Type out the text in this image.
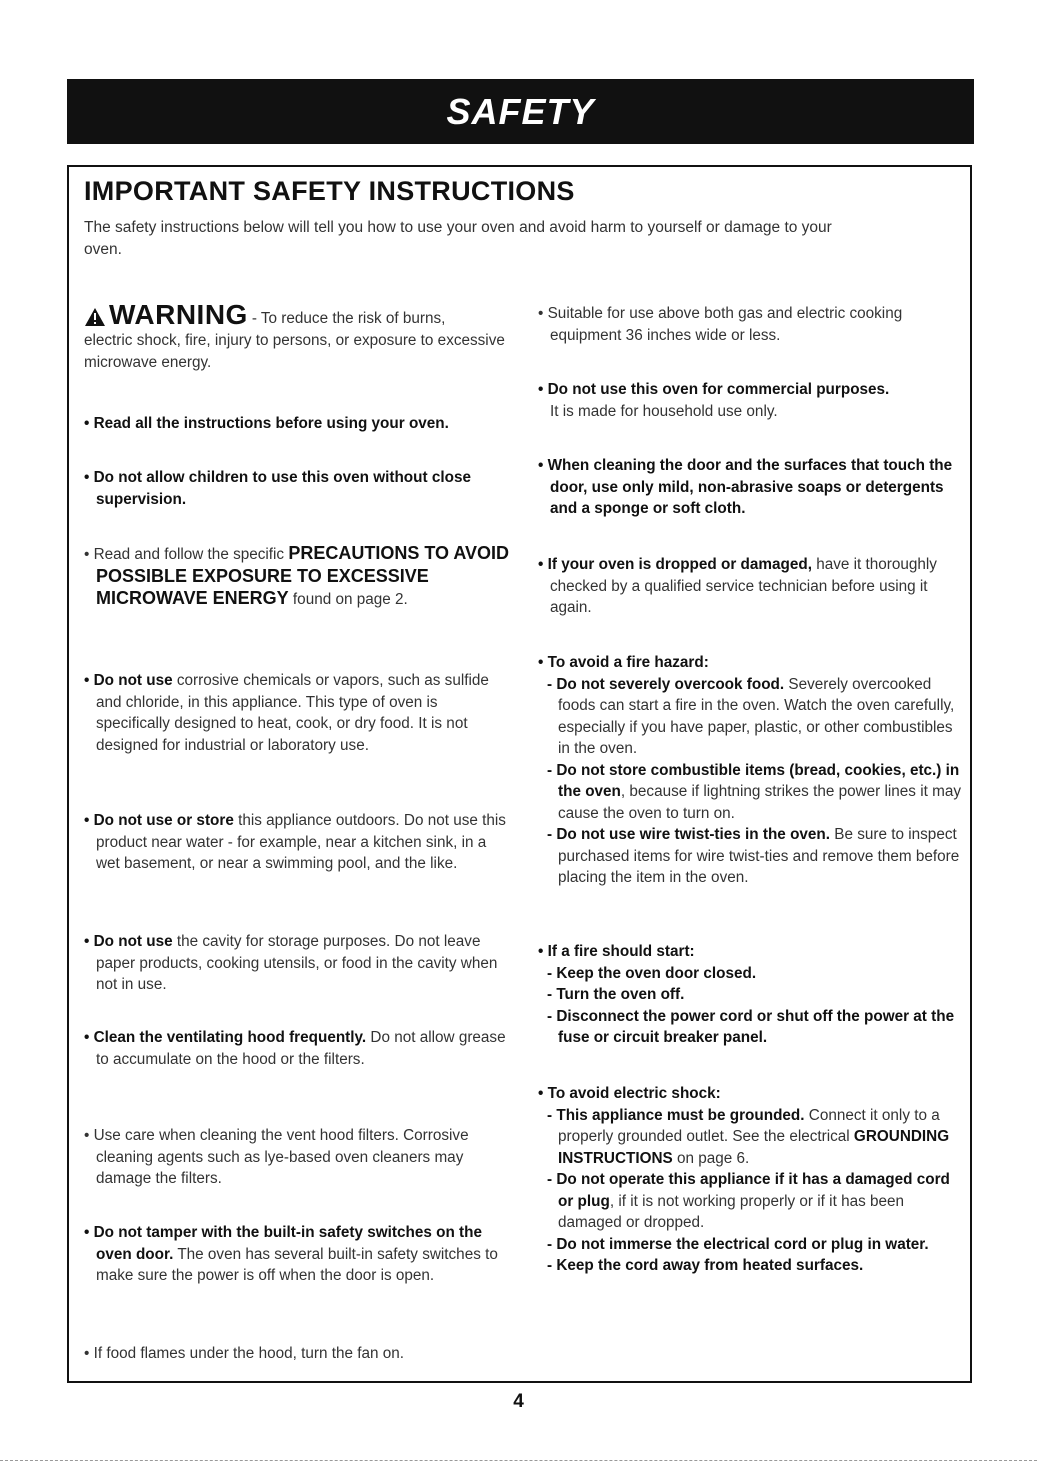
SAFETY
IMPORTANT SAFETY INSTRUCTIONS
The safety instructions below will tell you how to use your oven and avoid harm to yourself or damage to your oven.
WARNING - To reduce the risk of burns,

electric shock, fire, injury to persons, or exposure to excessive microwave energy.

• Read all the instructions before using your oven.

• Do not allow children to use this oven without close supervision.

• Read and follow the specific PRECAUTIONS TO AVOID POSSIBLE EXPOSURE TO EXCESSIVE MICROWAVE ENERGY found on page 2.

• Do not use corrosive chemicals or vapors, such as sulfide and chloride, in this appliance. This type of oven is specifically designed to heat, cook, or dry food. It is not designed for industrial or laboratory use.

• Do not use or store this appliance outdoors. Do not use this product near water - for example, near a kitchen sink, in a wet basement, or near a swimming pool, and the like.

• Do not use the cavity for storage purposes. Do not leave paper products, cooking utensils, or food in the cavity when not in use.

• Clean the ventilating hood frequently. Do not allow grease to accumulate on the hood or the filters.

• Use care when cleaning the vent hood filters. Corrosive cleaning agents such as lye-based oven cleaners may damage the filters.

• Do not tamper with the built-in safety switches on the oven door. The oven has several built-in safety switches to make sure the power is off when the door is open.

• If food flames under the hood, turn the fan on.

• Suitable for use above both gas and electric cooking equipment 36 inches wide or less.

• Do not use this oven for commercial purposes.

It is made for household use only.

• When cleaning the door and the surfaces that touch the door, use only mild, non-abrasive soaps or detergents and a sponge or soft cloth.

• If your oven is dropped or damaged, have it thoroughly checked by a qualified service technician before using it again.

• To avoid a fire hazard:

- Do not severely overcook food. Severely overcooked foods can start a fire in the oven. Watch the oven carefully, especially if you have paper, plastic, or other combustibles in the oven.

- Do not store combustible items (bread, cookies, etc.) in the oven, because if lightning strikes the power lines it may cause the oven to turn on.

- Do not use wire twist-ties in the oven. Be sure to inspect purchased items for wire twist-ties and remove them before placing the item in the oven.

• If a fire should start:

- Keep the oven door closed.

- Turn the oven off.

- Disconnect the power cord or shut off the power at the fuse or circuit breaker panel.

• To avoid electric shock:

- This appliance must be grounded. Connect it only to a properly grounded outlet. See the electrical GROUNDING INSTRUCTIONS on page 6.

- Do not operate this appliance if it has a damaged cord or plug, if it is not working properly or if it has been damaged or dropped.

- Do not immerse the electrical cord or plug in water.

- Keep the cord away from heated surfaces.

4
